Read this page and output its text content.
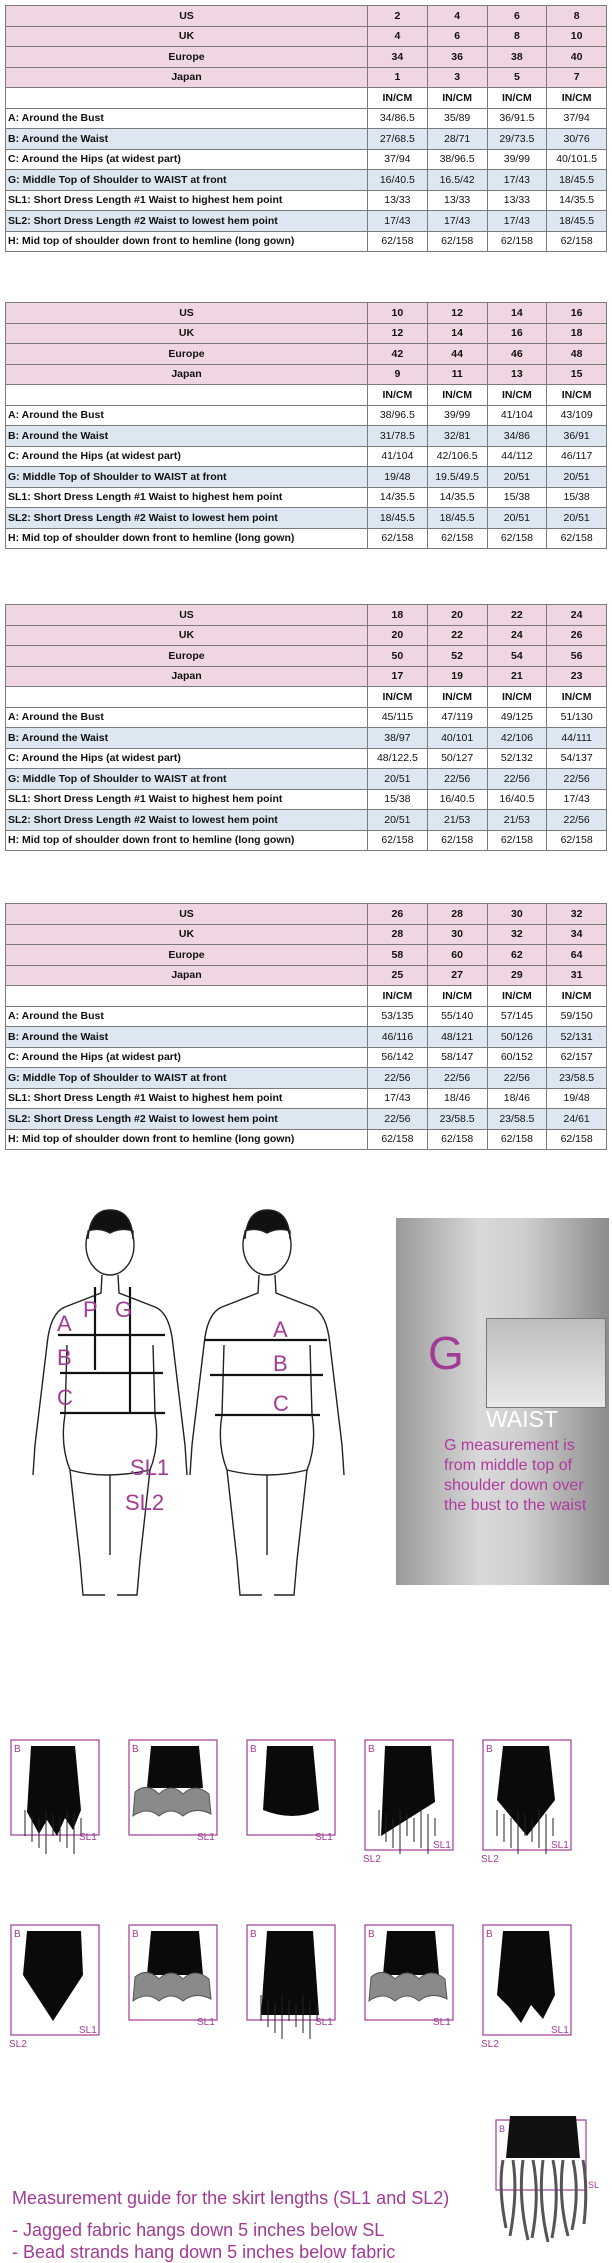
US	2	4	6	8
UK	4	6	8	10
Europe	34	36	38	40
Japan	1	3	5	7
	IN/CM	IN/CM	IN/CM	IN/CM
A: Around the Bust	34/86.5	35/89	36/91.5	37/94
B: Around the Waist	27/68.5	28/71	29/73.5	30/76
C: Around the Hips (at widest part)	37/94	38/96.5	39/99	40/101.5
G: Middle Top of Shoulder to WAIST at front	16/40.5	16.5/42	17/43	18/45.5
SL1: Short Dress Length #1 Waist to highest hem point	13/33	13/33	13/33	14/35.5
SL2: Short Dress Length #2 Waist to lowest hem point	17/43	17/43	17/43	18/45.5
H: Mid top of shoulder down front to hemline (long gown)	62/158	62/158	62/158	62/158
US	10	12	14	16
UK	12	14	16	18
Europe	42	44	46	48
Japan	9	11	13	15
	IN/CM	IN/CM	IN/CM	IN/CM
A: Around the Bust	38/96.5	39/99	41/104	43/109
B: Around the Waist	31/78.5	32/81	34/86	36/91
C: Around the Hips (at widest part)	41/104	42/106.5	44/112	46/117
G: Middle Top of Shoulder to WAIST at front	19/48	19.5/49.5	20/51	20/51
SL1: Short Dress Length #1 Waist to highest hem point	14/35.5	14/35.5	15/38	15/38
SL2: Short Dress Length #2 Waist to lowest hem point	18/45.5	18/45.5	20/51	20/51
H: Mid top of shoulder down front to hemline (long gown)	62/158	62/158	62/158	62/158
US	18	20	22	24
UK	20	22	24	26
Europe	50	52	54	56
Japan	17	19	21	23
	IN/CM	IN/CM	IN/CM	IN/CM
A: Around the Bust	45/115	47/119	49/125	51/130
B: Around the Waist	38/97	40/101	42/106	44/111
C: Around the Hips (at widest part)	48/122.5	50/127	52/132	54/137
G: Middle Top of Shoulder to WAIST at front	20/51	22/56	22/56	22/56
SL1: Short Dress Length #1 Waist to highest hem point	15/38	16/40.5	16/40.5	17/43
SL2: Short Dress Length #2 Waist to lowest hem point	20/51	21/53	21/53	22/56
H: Mid top of shoulder down front to hemline (long gown)	62/158	62/158	62/158	62/158
US	26	28	30	32
UK	28	30	32	34
Europe	58	60	62	64
Japan	25	27	29	31
	IN/CM	IN/CM	IN/CM	IN/CM
A: Around the Bust	53/135	55/140	57/145	59/150
B: Around the Waist	46/116	48/121	50/126	52/131
C: Around the Hips (at widest part)	56/142	58/147	60/152	62/157
G: Middle Top of Shoulder to WAIST at front	22/56	22/56	22/56	23/58.5
SL1: Short Dress Length #1 Waist to highest hem point	17/43	18/46	18/46	19/48
SL2: Short Dress Length #2 Waist to lowest hem point	22/56	23/58.5	23/58.5	24/61
H: Mid top of shoulder down front to hemline (long gown)	62/158	62/158	62/158	62/158
P G
A
B
C
SL1
SL2
A
B
C
G
WAIST
G measurement is from middle top of shoulder down over the bust to the waist
B
SL1
B
SL1
B
SL1
B
SL2
SL1
B
SL2
SL1
B
SL2
SL1
B
SL1
B
SL1
B
SL1
B
SL2
SL1
B
SL
Measurement guide for the skirt lengths (SL1 and SL2)
- Jagged fabric hangs down 5 inches below SL
- Bead strands hang down 5 inches below fabric
